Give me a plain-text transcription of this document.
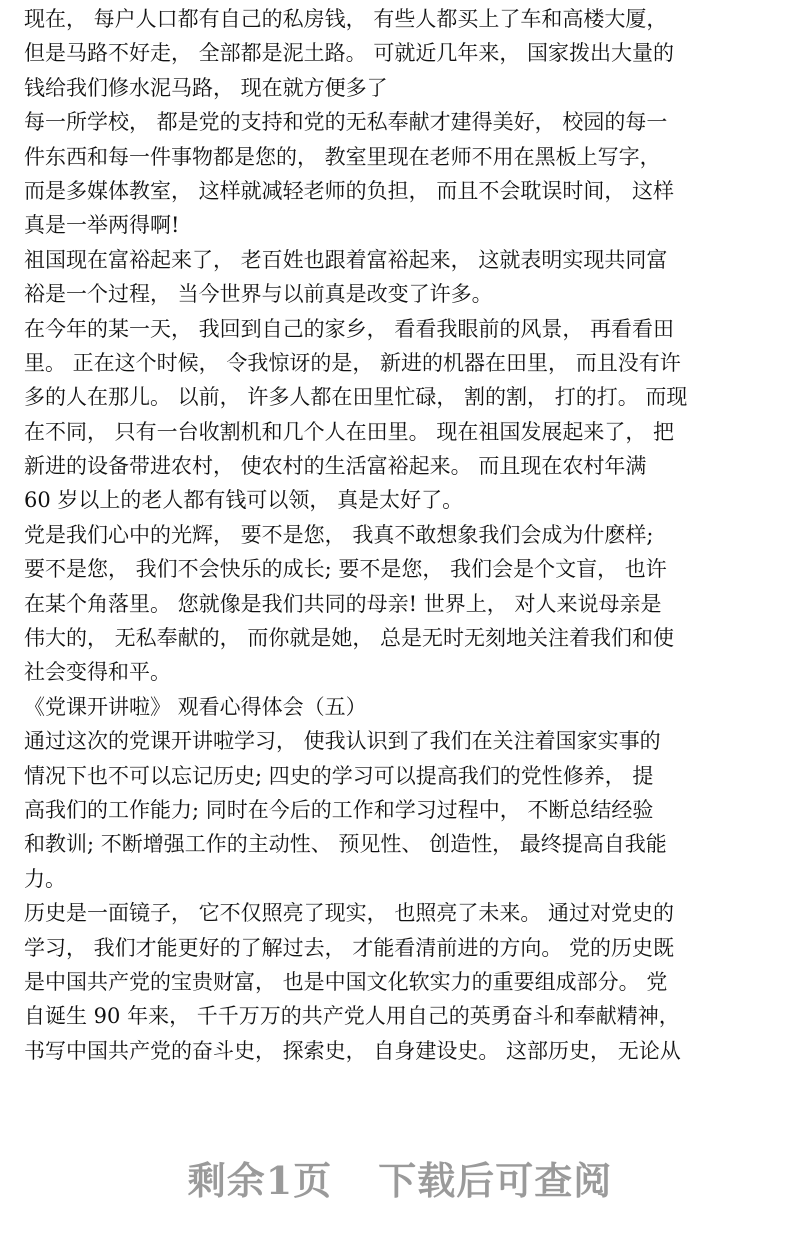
现在， 每户人口都有自己的私房钱， 有些人都买上了车和高楼大厦，
但是马路不好走， 全部都是泥土路。 可就近几年来， 国家拨出大量的
钱给我们修水泥马路， 现在就方便多了
每一所学校， 都是党的支持和党的无私奉献才建得美好， 校园的每一
件东西和每一件事物都是您的， 教室里现在老师不用在黑板上写字，
而是多媒体教室， 这样就减轻老师的负担， 而且不会耽误时间， 这样
真是一举两得啊!
祖国现在富裕起来了， 老百姓也跟着富裕起来， 这就表明实现共同富
裕是一个过程， 当今世界与以前真是改变了许多。
在今年的某一天， 我回到自己的家乡， 看看我眼前的风景， 再看看田
里。 正在这个时候， 令我惊讶的是， 新进的机器在田里， 而且没有许
多的人在那儿。 以前， 许多人都在田里忙碌， 割的割， 打的打。 而现
在不同， 只有一台收割机和几个人在田里。 现在祖国发展起来了， 把
新进的设备带进农村， 使农村的生活富裕起来。 而且现在农村年满
60 岁以上的老人都有钱可以领， 真是太好了。
党是我们心中的光辉， 要不是您， 我真不敢想象我们会成为什麽样;
要不是您， 我们不会快乐的成长; 要不是您， 我们会是个文盲， 也许
在某个角落里。 您就像是我们共同的母亲! 世界上， 对人来说母亲是
伟大的， 无私奉献的， 而你就是她， 总是无时无刻地关注着我们和使
社会变得和平。
《党课开讲啦》 观看心得体会（五）
通过这次的党课开讲啦学习， 使我认识到了我们在关注着国家实事的
情况下也不可以忘记历史; 四史的学习可以提高我们的党性修养， 提
高我们的工作能力; 同时在今后的工作和学习过程中， 不断总结经验
和教训; 不断增强工作的主动性、 预见性、 创造性， 最终提高自我能
力。
历史是一面镜子， 它不仅照亮了现实， 也照亮了未来。 通过对党史的
学习， 我们才能更好的了解过去， 才能看清前进的方向。 党的历史既
是中国共产党的宝贵财富， 也是中国文化软实力的重要组成部分。 党
自诞生 90 年来， 千千万万的共产党人用自己的英勇奋斗和奉献精神，
书写中国共产党的奋斗史， 探索史， 自身建设史。 这部历史， 无论从
剩余1页 下载后可查阅
